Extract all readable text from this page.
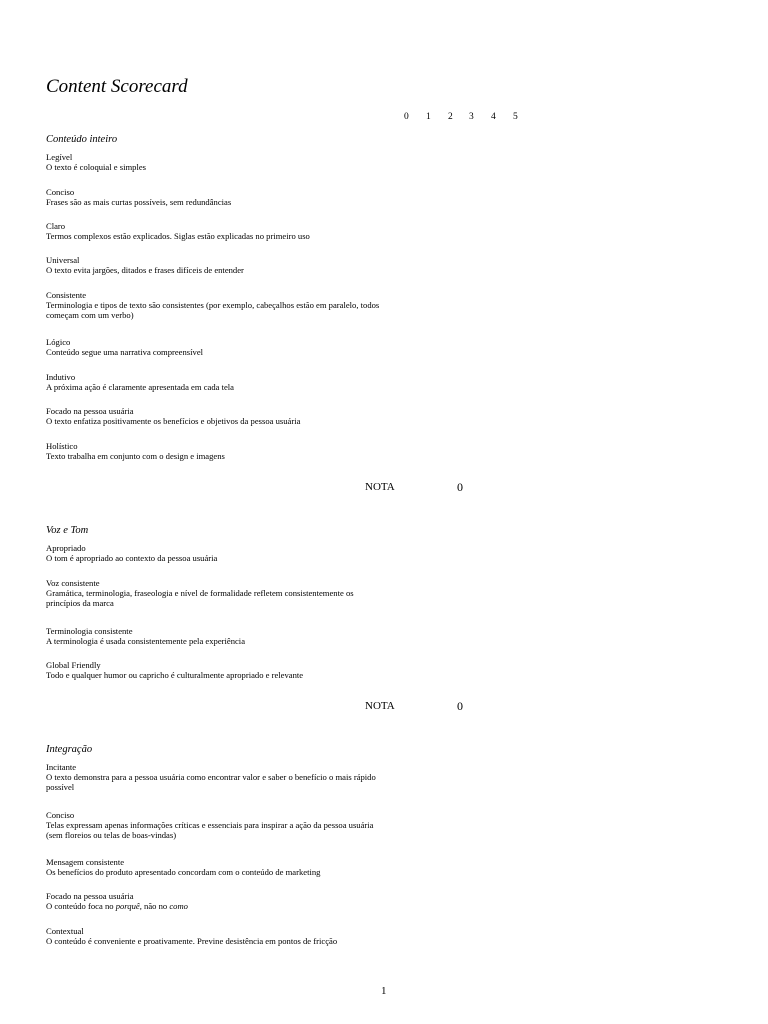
Content Scorecard
0 1 2 3 4 5
Conteúdo inteiro
Legível
O texto é coloquial e simples
Conciso
Frases são as mais curtas possíveis, sem redundâncias
Claro
Termos complexos estão explicados. Siglas estão explicadas no primeiro uso
Universal
O texto evita jargões, ditados e frases difíceis de entender
Consistente
Terminologia e tipos de texto são consistentes (por exemplo, cabeçalhos estão em paralelo, todos começam com um verbo)
Lógico
Conteúdo segue uma narrativa compreensível
Indutivo
A próxima ação é claramente apresentada em cada tela
Focado na pessoa usuária
O texto enfatiza positivamente os benefícios e objetivos da pessoa usuária
Holístico
Texto trabalha em conjunto com o design e imagens
NOTA	0
Voz e Tom
Apropriado
O tom é apropriado ao contexto da pessoa usuária
Voz consistente
Gramática, terminologia, fraseologia e nível de formalidade refletem consistentemente os princípios da marca
Terminologia consistente
A terminologia é usada consistentemente pela experiência
Global Friendly
Todo e qualquer humor ou capricho é culturalmente apropriado e relevante
NOTA	0
Integração
Incitante
O texto demonstra para a pessoa usuária como encontrar valor e saber o benefício o mais rápido possível
Conciso
Telas expressam apenas informações críticas e essenciais para inspirar a ação da pessoa usuária (sem floreios ou telas de boas-vindas)
Mensagem consistente
Os benefícios do produto apresentado concordam com o conteúdo de marketing
Focado na pessoa usuária
O conteúdo foca no porquê, não no como
Contextual
O conteúdo é conveniente e proativamente. Previne desistência em pontos de fricção
1
